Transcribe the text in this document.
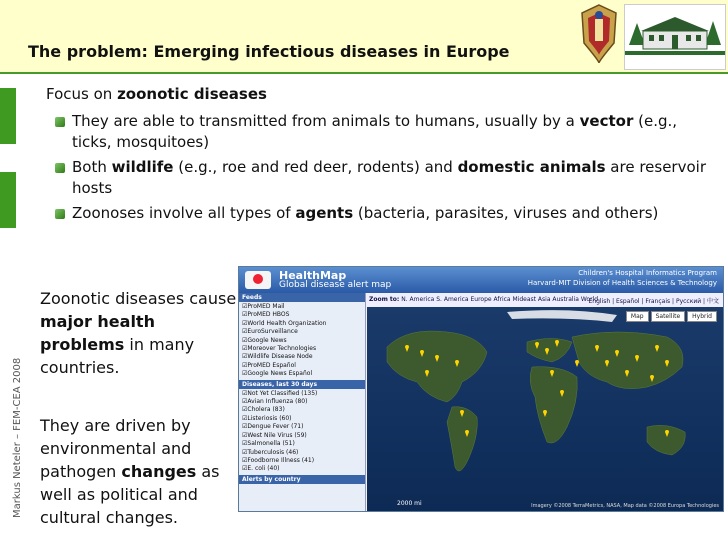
The problem: Emerging infectious diseases in Europe
Markus Neteler – FEM-CEA 2008
Focus on zoonotic diseases
They are able to transmitted from animals to humans, usually by a vector (e.g., ticks, mosquitoes)
Both wildlife (e.g., roe and red deer, rodents) and domestic animals are reservoir hosts
Zoonoses involve all types of agents (bacteria, parasites, viruses and others)
Zoonotic diseases cause major health problems in many countries.
They are driven by environmental and pathogen changes as well as political and cultural changes.
HealthMap
Global disease alert map
Children's Hospital Informatics Program
Harvard-MIT Division of Health Sciences & Technology
Zoom to: N. America S. America Europe Africa Mideast Asia Australia World
English | Español | Français | Русский | 中文
Feeds
☑ ProMED Mail
☑ ProMED HBOS
☑ World Health Organization
☑ EuroSurveillance
☑ Google News
☑ Moreover Technologies
☑ Wildlife Disease Node
☑ ProMED Español
☑ Google News Español
Diseases, last 30 days
☑ Not Yet Classified (135)
☑ Avian Influenza (80)
☑ Cholera (83)
☑ Listeriosis (60)
☑ Dengue Fever (71)
☑ West Nile Virus (59)
☑ Salmonella (51)
☑ Tuberculosis (46)
☑ Foodborne Illness (41)
☑ E. coli (40)
Alerts by country
Map Satellite Hybrid
2000 mi	Imagery ©2008 TerraMetrics, NASA, Map data ©2008 Europa Technologies
